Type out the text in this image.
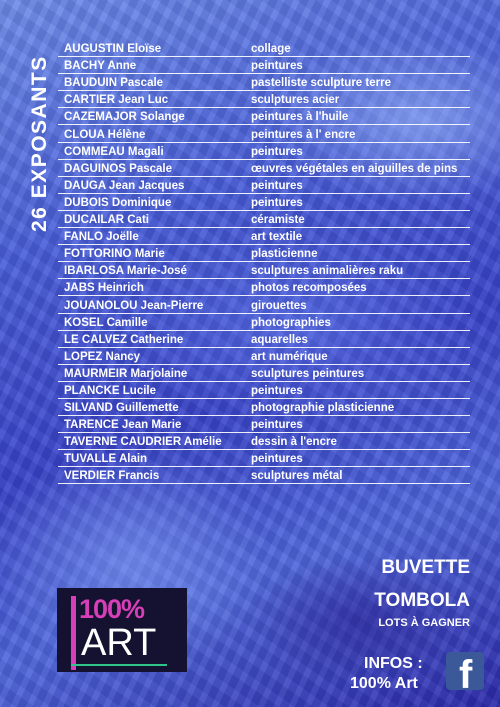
26 EXPOSANTS
AUGUSTIN Eloïse	collage
BACHY Anne	peintures
BAUDUIN Pascale	pastelliste sculpture terre
CARTIER Jean Luc	sculptures acier
CAZEMAJOR Solange	peintures à l'huile
CLOUA Hélène	peintures à l' encre
COMMEAU Magali	peintures
DAGUINOS Pascale	œuvres végétales en aiguilles de pins
DAUGA Jean Jacques	peintures
DUBOIS Dominique	peintures
DUCAILAR Cati	céramiste
FANLO Joëlle	art textile
FOTTORINO Marie	plasticienne
IBARLOSA Marie-José	sculptures animalières raku
JABS Heinrich	photos recomposées
JOUANOLOU Jean-Pierre	girouettes
KOSEL Camille	photographies
LE CALVEZ Catherine	aquarelles
LOPEZ Nancy	art numérique
MAURMEIR Marjolaine	sculptures peintures
PLANCKE Lucile	peintures
SILVAND Guillemette	photographie plasticienne
TARENCE Jean Marie	peintures
TAVERNE CAUDRIER Amélie	dessin à l'encre
TUVALLE Alain	peintures
VERDIER Francis	sculptures métal
100%
ART
BUVETTE
TOMBOLA
LOTS À GAGNER
INFOS :
100% Art f
